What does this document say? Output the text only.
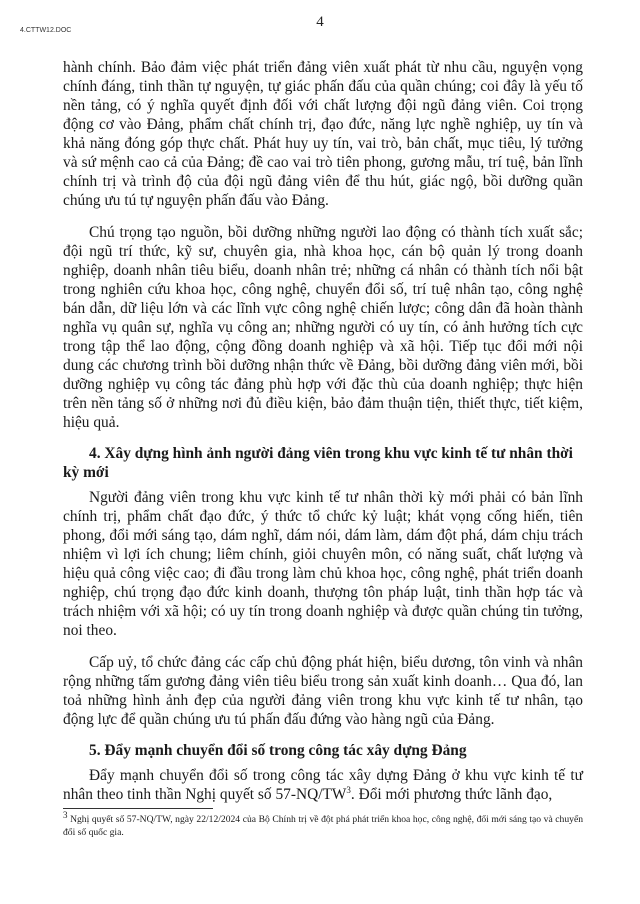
4.CTTW12.DOC
4

hành chính. Bảo đảm việc phát triển đảng viên xuất phát từ nhu cầu, nguyện vọng chính đáng, tinh thần tự nguyện, tự giác phấn đấu của quần chúng; coi đây là yếu tố nền tảng, có ý nghĩa quyết định đối với chất lượng đội ngũ đảng viên. Coi trọng động cơ vào Đảng, phẩm chất chính trị, đạo đức, năng lực nghề nghiệp, uy tín và khả năng đóng góp thực chất. Phát huy uy tín, vai trò, bản chất, mục tiêu, lý tưởng và sứ mệnh cao cả của Đảng; đề cao vai trò tiên phong, gương mẫu, trí tuệ, bản lĩnh chính trị và trình độ của đội ngũ đảng viên để thu hút, giác ngộ, bồi dưỡng quần chúng ưu tú tự nguyện phấn đấu vào Đảng.

Chú trọng tạo nguồn, bồi dưỡng những người lao động có thành tích xuất sắc; đội ngũ trí thức, kỹ sư, chuyên gia, nhà khoa học, cán bộ quản lý trong doanh nghiệp, doanh nhân tiêu biểu, doanh nhân trẻ; những cá nhân có thành tích nổi bật trong nghiên cứu khoa học, công nghệ, chuyển đổi số, trí tuệ nhân tạo, công nghệ bán dẫn, dữ liệu lớn và các lĩnh vực công nghệ chiến lược; công dân đã hoàn thành nghĩa vụ quân sự, nghĩa vụ công an; những người có uy tín, có ảnh hưởng tích cực trong tập thể lao động, cộng đồng doanh nghiệp và xã hội. Tiếp tục đổi mới nội dung các chương trình bồi dưỡng nhận thức về Đảng, bồi dưỡng đảng viên mới, bồi dưỡng nghiệp vụ công tác đảng phù hợp với đặc thù của doanh nghiệp; thực hiện trên nền tảng số ở những nơi đủ điều kiện, bảo đảm thuận tiện, thiết thực, tiết kiệm, hiệu quả.

4. Xây dựng hình ảnh người đảng viên trong khu vực kinh tế tư nhân thời kỳ mới

Người đảng viên trong khu vực kinh tế tư nhân thời kỳ mới phải có bản lĩnh chính trị, phẩm chất đạo đức, ý thức tổ chức kỷ luật; khát vọng cống hiến, tiên phong, đổi mới sáng tạo, dám nghĩ, dám nói, dám làm, dám đột phá, dám chịu trách nhiệm vì lợi ích chung; liêm chính, giỏi chuyên môn, có năng suất, chất lượng và hiệu quả công việc cao; đi đầu trong làm chủ khoa học, công nghệ, phát triển doanh nghiệp, chú trọng đạo đức kinh doanh, thượng tôn pháp luật, tinh thần hợp tác và trách nhiệm với xã hội; có uy tín trong doanh nghiệp và được quần chúng tin tưởng, noi theo.

Cấp uỷ, tổ chức đảng các cấp chủ động phát hiện, biểu dương, tôn vinh và nhân rộng những tấm gương đảng viên tiêu biểu trong sản xuất kinh doanh… Qua đó, lan toả những hình ảnh đẹp của người đảng viên trong khu vực kinh tế tư nhân, tạo động lực để quần chúng ưu tú phấn đấu đứng vào hàng ngũ của Đảng.

5. Đẩy mạnh chuyển đổi số trong công tác xây dựng Đảng

Đẩy mạnh chuyển đổi số trong công tác xây dựng Đảng ở khu vực kinh tế tư nhân theo tinh thần Nghị quyết số $57-NQ/TW^3$. Đổi mới phương thức lãnh đạo,

$^3$ Nghị quyết số 57-NQ/TW, ngày 22/12/2024 của Bộ Chính trị về đột phá phát triển khoa học, công nghệ, đổi mới sáng tạo và chuyển đổi số quốc gia.
